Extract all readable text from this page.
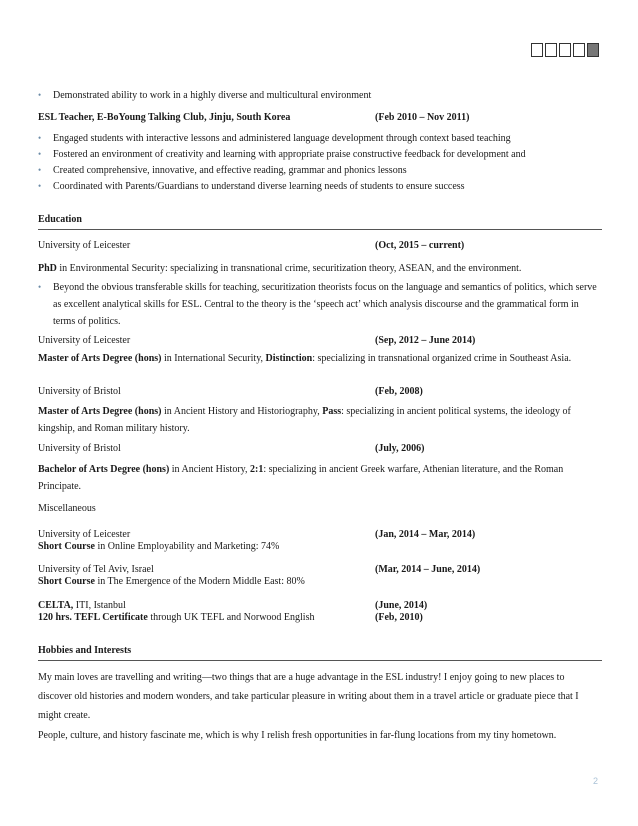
• Demonstrated ability to work in a highly diverse and multicultural environment
ESL Teacher, E-BoYoung Talking Club, Jinju, South Korea	(Feb 2010 – Nov 2011)
• Engaged students with interactive lessons and administered language development through context based teaching
• Fostered an environment of creativity and learning with appropriate praise constructive feedback for development and
• Created comprehensive, innovative, and effective reading, grammar and phonics lessons
• Coordinated with Parents/Guardians to understand diverse learning needs of students to ensure success
Education
University of Leicester	(Oct, 2015 – current)
PhD in Environmental Security: specializing in transnational crime, securitization theory, ASEAN, and the environment.
• Beyond the obvious transferable skills for teaching, securitization theorists focus on the language and semantics of politics, which serve as excellent analytical skills for ESL. Central to the theory is the ‘speech act’ which analysis discourse and the grammatical form in terms of politics.
University of Leicester	(Sep, 2012 – June 2014)
Master of Arts Degree (hons) in International Security, Distinction: specializing in transnational organized crime in Southeast Asia.
University of Bristol	(Feb, 2008)
Master of Arts Degree (hons) in Ancient History and Historiography, Pass: specializing in ancient political systems, the ideology of kingship, and Roman military history.
University of Bristol	(July, 2006)
Bachelor of Arts Degree (hons) in Ancient History, 2:1: specializing in ancient Greek warfare, Athenian literature, and the Roman Principate.
Miscellaneous
University of Leicester	(Jan, 2014 – Mar, 2014)
Short Course in Online Employability and Marketing: 74%
University of Tel Aviv, Israel	(Mar, 2014 – June, 2014)
Short Course in The Emergence of the Modern Middle East: 80%
CELTA, ITI, Istanbul	(June, 2014)
120 hrs. TEFL Certificate through UK TEFL and Norwood English	(Feb, 2010)
Hobbies and Interests
My main loves are travelling and writing—two things that are a huge advantage in the ESL industry! I enjoy going to new places to discover old histories and modern wonders, and take particular pleasure in writing about them in a travel article or graduate piece that I might create.
People, culture, and history fascinate me, which is why I relish fresh opportunities in far-flung locations from my tiny hometown.
2
